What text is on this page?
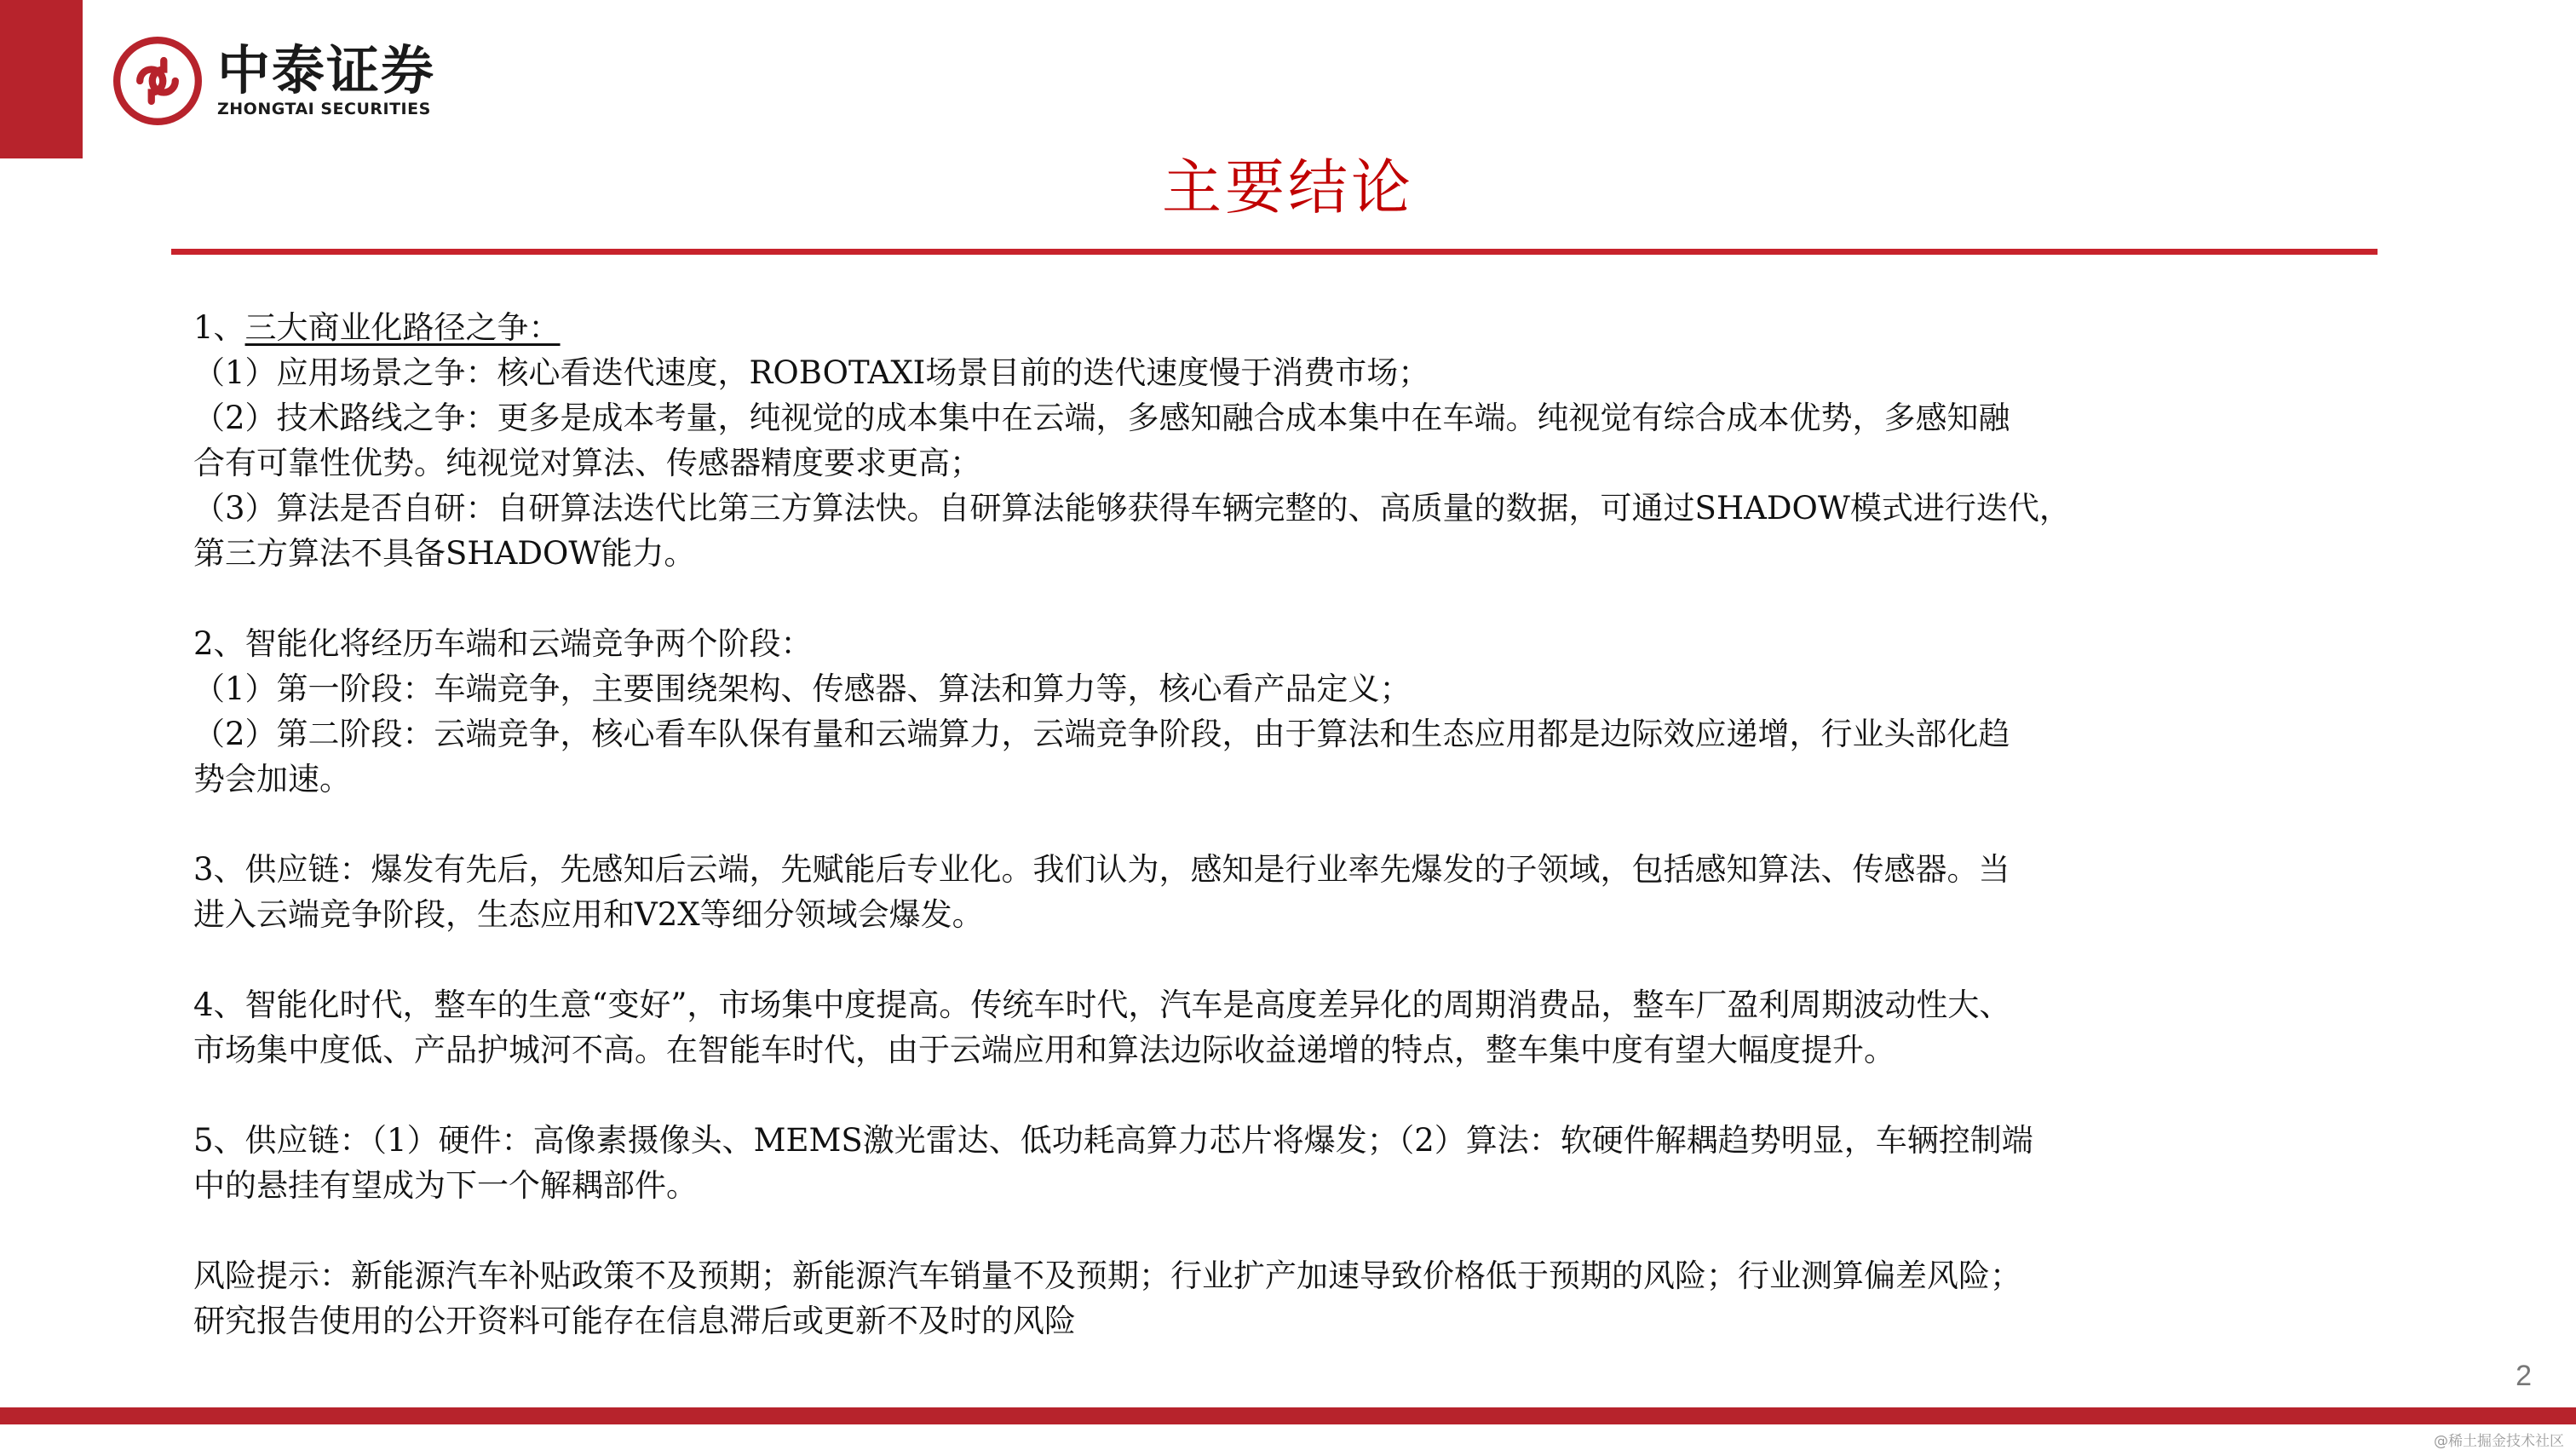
中泰证券
ZHONGTAI SECURITIES
主要结论

1、三大商业化路径之争：

（1）应用场景之争：核心看迭代速度，ROBOTAXI场景目前的迭代速度慢于消费市场；

（2）技术路线之争：更多是成本考量，纯视觉的成本集中在云端，多感知融合成本集中在车端。纯视觉有综合成本优势，多感知融

合有可靠性优势。纯视觉对算法、传感器精度要求更高；

（3）算法是否自研：自研算法迭代比第三方算法快。自研算法能够获得车辆完整的、高质量的数据，可通过SHADOW模式进行迭代，

第三方算法不具备SHADOW能力。

2、智能化将经历车端和云端竞争两个阶段：

（1）第一阶段：车端竞争，主要围绕架构、传感器、算法和算力等，核心看产品定义；

（2）第二阶段：云端竞争，核心看车队保有量和云端算力，云端竞争阶段，由于算法和生态应用都是边际效应递增，行业头部化趋

势会加速。

3、供应链：爆发有先后，先感知后云端，先赋能后专业化。我们认为，感知是行业率先爆发的子领域，包括感知算法、传感器。当

进入云端竞争阶段，生态应用和V2X等细分领域会爆发。

4、智能化时代，整车的生意“变好”，市场集中度提高。传统车时代，汽车是高度差异化的周期消费品，整车厂盈利周期波动性大、

市场集中度低、产品护城河不高。在智能车时代，由于云端应用和算法边际收益递增的特点，整车集中度有望大幅度提升。

5、供应链：（1）硬件：高像素摄像头、MEMS激光雷达、低功耗高算力芯片将爆发；（2）算法：软硬件解耦趋势明显，车辆控制端

中的悬挂有望成为下一个解耦部件。

风险提示：新能源汽车补贴政策不及预期；新能源汽车销量不及预期；行业扩产加速导致价格低于预期的风险；行业测算偏差风险；

研究报告使用的公开资料可能存在信息滞后或更新不及时的风险

2
@稀土掘金技术社区
